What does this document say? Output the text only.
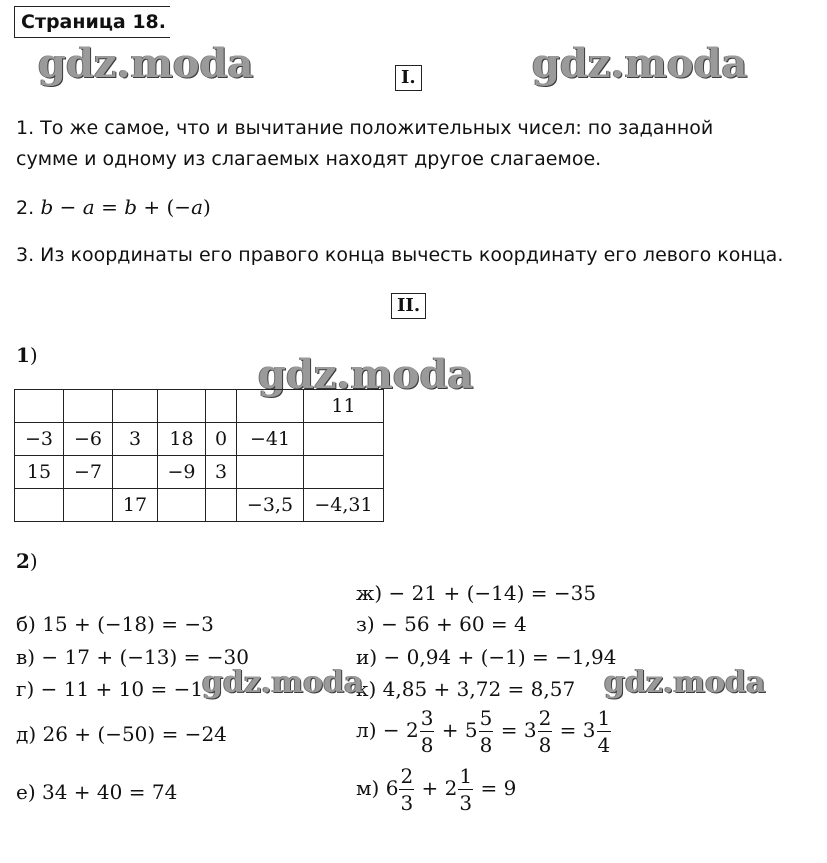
Страница 18.
gdz.moda	gdz.moda
I.
1. То же самое, что и вычитание положительных чисел: по заданной
сумме и одному из слагаемых находят другое слагаемое.
2. b − a = b + (−a)
3. Из координаты его правого конца вычесть координату его левого конца.
II.
1)	gdz.moda
						11
−3	−6	3	18	0	−41	
15	−7		−9	3		
		17			−3,5	−4,31
2)
ж) − 21 + (−14) = −35
б) 15 + (−18) = −3	з) − 56 + 60 = 4
в) − 17 + (−13) = −30	и) − 0,94 + (−1) = −1,94
г) − 11 + 10 = −1	к) 4,85 + 3,72 = 8,57
gdz.moda	gdz.moda
д) 26 + (−50) = −24	$л) - 2 \frac{3}{8} + 5 \frac{5}{8} = 3 \frac{2}{8} = 3 \frac{1}{4}$
е) 34 + 40 = 74	м) $6 \frac{2}{3} + 2 \frac{1}{3} = 9$
